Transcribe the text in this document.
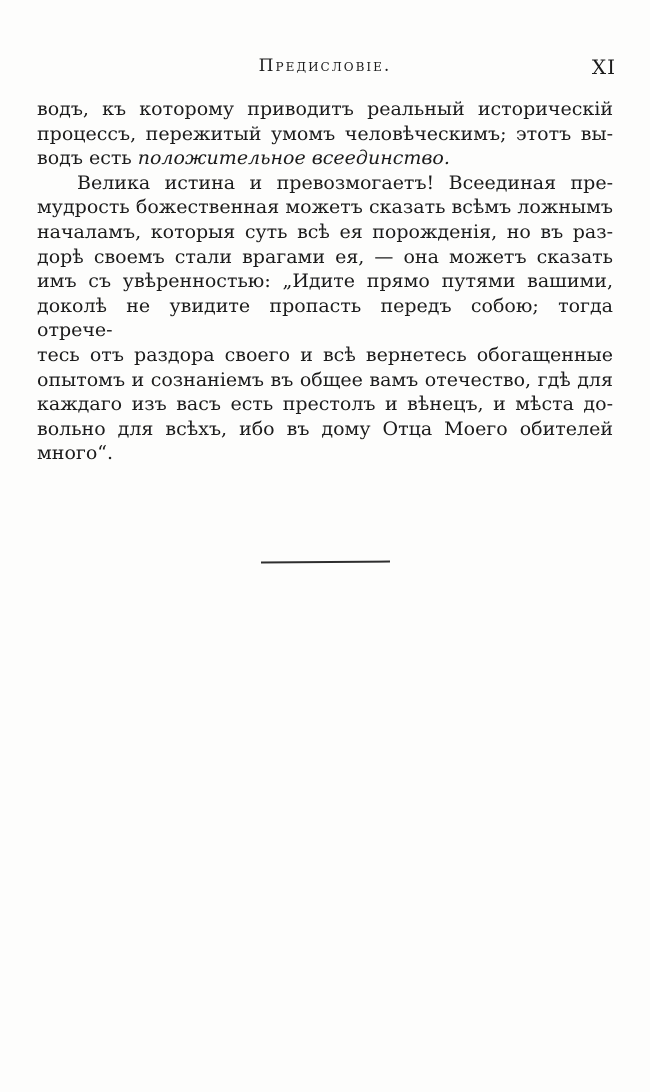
Предисловіе.	XI
водъ, къ которому приводитъ реальный историческій
процессъ, пережитый умомъ человѣческимъ; этотъ вы-
водъ есть положительное всеединство.
Велика истина и превозмогаетъ! Всеединая пре-
мудрость божественная можетъ сказать всѣмъ ложнымъ
началамъ, которыя суть всѣ ея порожденія, но въ раз-
дорѣ своемъ стали врагами ея, — она можетъ сказать
имъ съ увѣренностью: „Идите прямо путями вашими,
доколѣ не увидите пропасть передъ собою; тогда отрече-
тесь отъ раздора своего и всѣ вернетесь обогащенные
опытомъ и сознаніемъ въ общее вамъ отечество, гдѣ для
каждаго изъ васъ есть престолъ и вѣнецъ, и мѣста до-
вольно для всѣхъ, ибо въ дому Отца Моего обителей
много“.
